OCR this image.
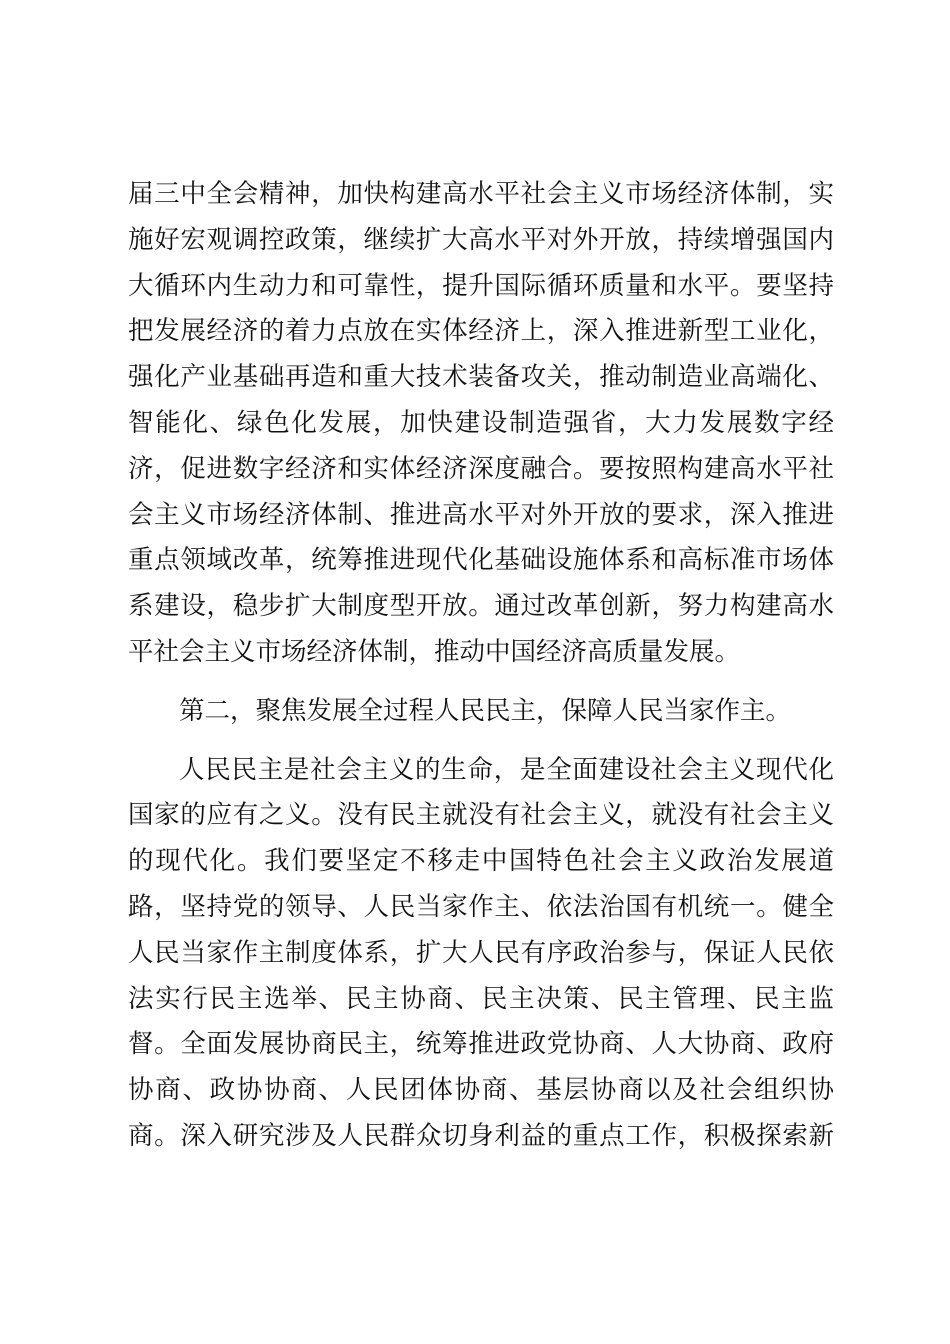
届三中全会精神，加快构建高水平社会主义市场经济体制，实
施好宏观调控政策，继续扩大高水平对外开放，持续增强国内
大循环内生动力和可靠性，提升国际循环质量和水平。要坚持
把发展经济的着力点放在实体经济上，深入推进新型工业化，
强化产业基础再造和重大技术装备攻关，推动制造业高端化、
智能化、绿色化发展，加快建设制造强省，大力发展数字经
济，促进数字经济和实体经济深度融合。要按照构建高水平社
会主义市场经济体制、推进高水平对外开放的要求，深入推进
重点领域改革，统筹推进现代化基础设施体系和高标准市场体
系建设，稳步扩大制度型开放。通过改革创新，努力构建高水
平社会主义市场经济体制，推动中国经济高质量发展。
第二，聚焦发展全过程人民民主，保障人民当家作主。
人民民主是社会主义的生命，是全面建设社会主义现代化
国家的应有之义。没有民主就没有社会主义，就没有社会主义
的现代化。我们要坚定不移走中国特色社会主义政治发展道
路，坚持党的领导、人民当家作主、依法治国有机统一。健全
人民当家作主制度体系，扩大人民有序政治参与，保证人民依
法实行民主选举、民主协商、民主决策、民主管理、民主监
督。全面发展协商民主，统筹推进政党协商、人大协商、政府
协商、政协协商、人民团体协商、基层协商以及社会组织协
商。深入研究涉及人民群众切身利益的重点工作，积极探索新
